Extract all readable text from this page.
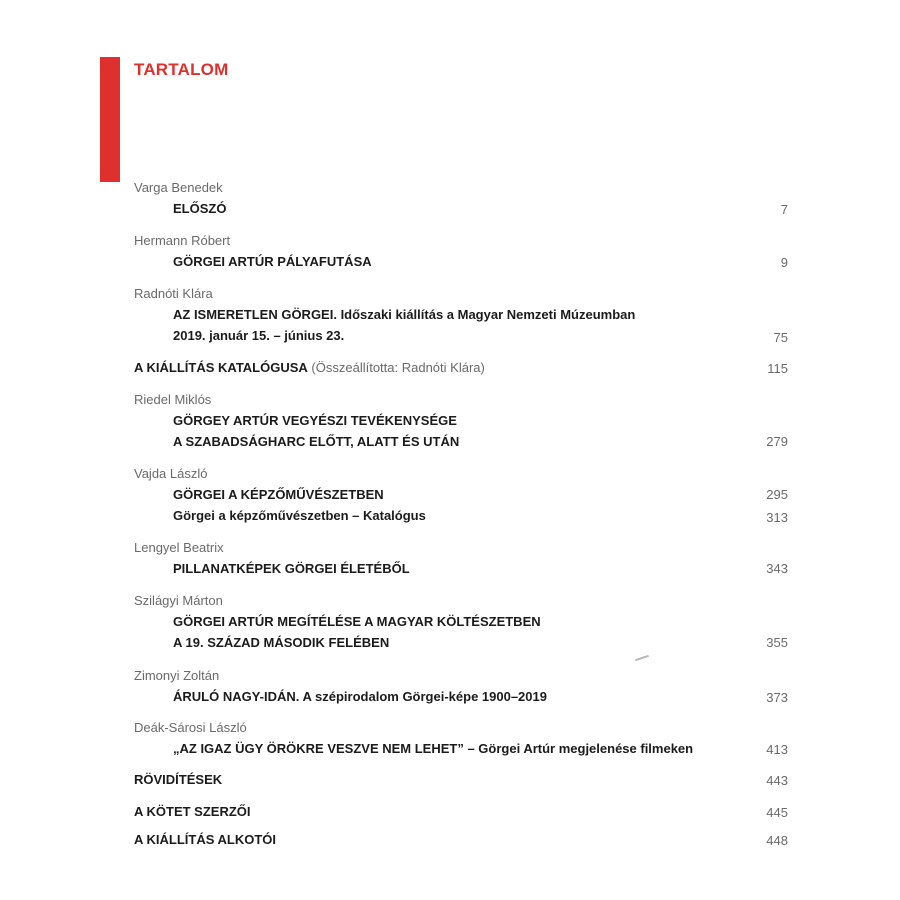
TARTALOM
Varga Benedek
ELŐSZÓ	7
Hermann Róbert
GÖRGEI ARTÚR PÁLYAFUTÁSA	9
Radnóti Klára
AZ ISMERETLEN GÖRGEI. Időszaki kiállítás a Magyar Nemzeti Múzeumban
2019. január 15. – június 23.	75
A KIÁLLÍTÁS KATALÓGUSA (Összeállította: Radnóti Klára)	115
Riedel Miklós
GÖRGEY ARTÚR VEGYÉSZI TEVÉKENYSÉGE
A SZABADSÁGHARC ELŐTT, ALATT ÉS UTÁN	279
Vajda László
GÖRGEI A KÉPZŐMŰVÉSZETBEN	295
Görgei a képzőművészetben – Katalógus	313
Lengyel Beatrix
PILLANATKÉPEK GÖRGEI ÉLETÉBŐL	343
Szilágyi Márton
GÖRGEI ARTÚR MEGÍTÉLÉSE A MAGYAR KÖLTÉSZETBEN
A 19. SZÁZAD MÁSODIK FELÉBEN	355
Zimonyi Zoltán
ÁRULÓ NAGY-IDÁN. A szépirodalom Görgei-képe 1900–2019	373
Deák-Sárosi László
„AZ IGAZ ÜGY ÖRÖKRE VESZVE NEM LEHET” – Görgei Artúr megjelenése filmeken	413
RÖVIDÍTÉSEK	443
A KÖTET SZERZŐI	445
A KIÁLLÍTÁS ALKOTÓI	448
